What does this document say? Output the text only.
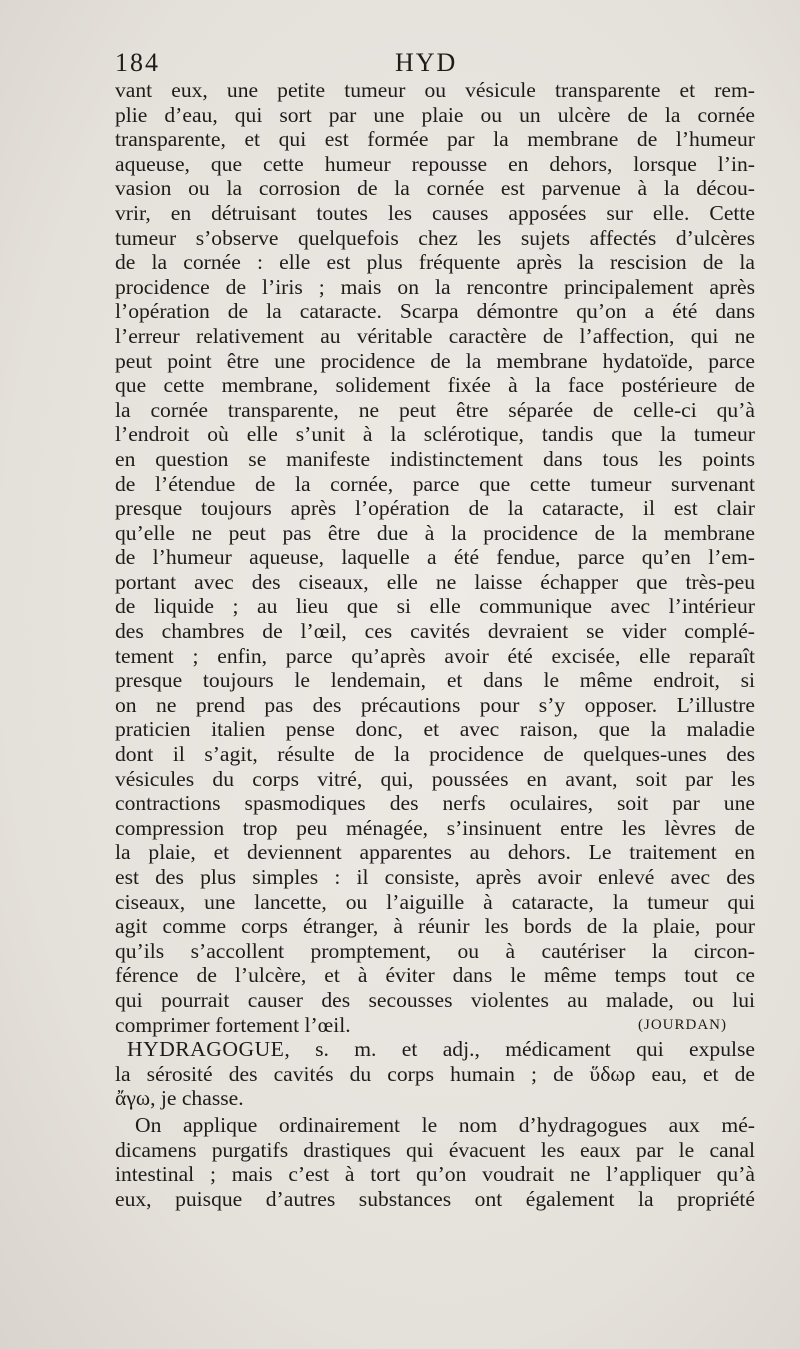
184	HYD
vant eux, une petite tumeur ou vésicule transparente et rem-
plie d’eau, qui sort par une plaie ou un ulcère de la cornée
transparente, et qui est formée par la membrane de l’humeur
aqueuse, que cette humeur repousse en dehors, lorsque l’in-
vasion ou la corrosion de la cornée est parvenue à la décou-
vrir, en détruisant toutes les causes apposées sur elle. Cette
tumeur s’observe quelquefois chez les sujets affectés d’ulcères
de la cornée : elle est plus fréquente après la rescision de la
procidence de l’iris ; mais on la rencontre principalement après
l’opération de la cataracte. Scarpa démontre qu’on a été dans
l’erreur relativement au véritable caractère de l’affection, qui ne
peut point être une procidence de la membrane hydatoïde, parce
que cette membrane, solidement fixée à la face postérieure de
la cornée transparente, ne peut être séparée de celle-ci qu’à
l’endroit où elle s’unit à la sclérotique, tandis que la tumeur
en question se manifeste indistinctement dans tous les points
de l’étendue de la cornée, parce que cette tumeur survenant
presque toujours après l’opération de la cataracte, il est clair
qu’elle ne peut pas être due à la procidence de la membrane
de l’humeur aqueuse, laquelle a été fendue, parce qu’en l’em-
portant avec des ciseaux, elle ne laisse échapper que très-peu
de liquide ; au lieu que si elle communique avec l’intérieur
des chambres de l’œil, ces cavités devraient se vider complé-
tement ; enfin, parce qu’après avoir été excisée, elle reparaît
presque toujours le lendemain, et dans le même endroit, si
on ne prend pas des précautions pour s’y opposer. L’illustre
praticien italien pense donc, et avec raison, que la maladie
dont il s’agit, résulte de la procidence de quelques-unes des
vésicules du corps vitré, qui, poussées en avant, soit par les
contractions spasmodiques des nerfs oculaires, soit par une
compression trop peu ménagée, s’insinuent entre les lèvres de
la plaie, et deviennent apparentes au dehors. Le traitement en
est des plus simples : il consiste, après avoir enlevé avec des
ciseaux, une lancette, ou l’aiguille à cataracte, la tumeur qui
agit comme corps étranger, à réunir les bords de la plaie, pour
qu’ils s’accollent promptement, ou à cautériser la circon-
férence de l’ulcère, et à éviter dans le même temps tout ce
qui pourrait causer des secousses violentes au malade, ou lui
comprimer fortement l’œil.	(JOURDAN)
HYDRAGOGUE, s. m. et adj., médicament qui expulse
la sérosité des cavités du corps humain ; de ὕδωρ eau, et de
ἄγω, je chasse.
On applique ordinairement le nom d’hydragogues aux mé-
dicamens purgatifs drastiques qui évacuent les eaux par le canal
intestinal ; mais c’est à tort qu’on voudrait ne l’appliquer qu’à
eux, puisque d’autres substances ont également la propriété
